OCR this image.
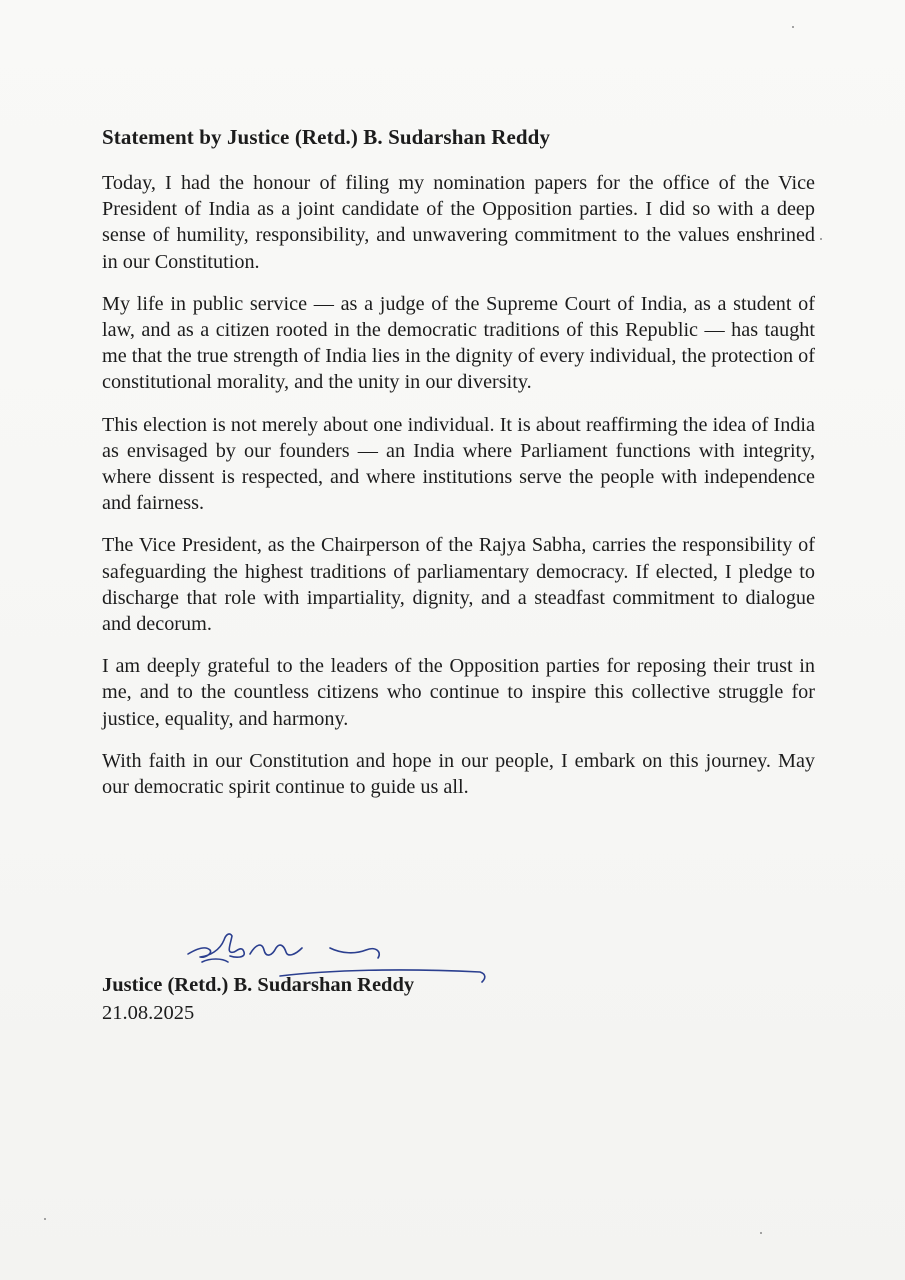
Statement by Justice (Retd.) B. Sudarshan Reddy

Today, I had the honour of filing my nomination papers for the office of the Vice President of India as a joint candidate of the Opposition parties. I did so with a deep sense of humility, responsibility, and unwavering commitment to the values enshrined in our Constitution.

My life in public service — as a judge of the Supreme Court of India, as a student of law, and as a citizen rooted in the democratic traditions of this Republic — has taught me that the true strength of India lies in the dignity of every individual, the protection of constitutional morality, and the unity in our diversity.

This election is not merely about one individual. It is about reaffirming the idea of India as envisaged by our founders — an India where Parliament functions with integrity, where dissent is respected, and where institutions serve the people with independence and fairness.

The Vice President, as the Chairperson of the Rajya Sabha, carries the responsibility of safeguarding the highest traditions of parliamentary democracy. If elected, I pledge to discharge that role with impartiality, dignity, and a steadfast commitment to dialogue and decorum.

I am deeply grateful to the leaders of the Opposition parties for reposing their trust in me, and to the countless citizens who continue to inspire this collective struggle for justice, equality, and harmony.

With faith in our Constitution and hope in our people, I embark on this journey. May our democratic spirit continue to guide us all.

Justice (Retd.) B. Sudarshan Reddy

21.08.2025
